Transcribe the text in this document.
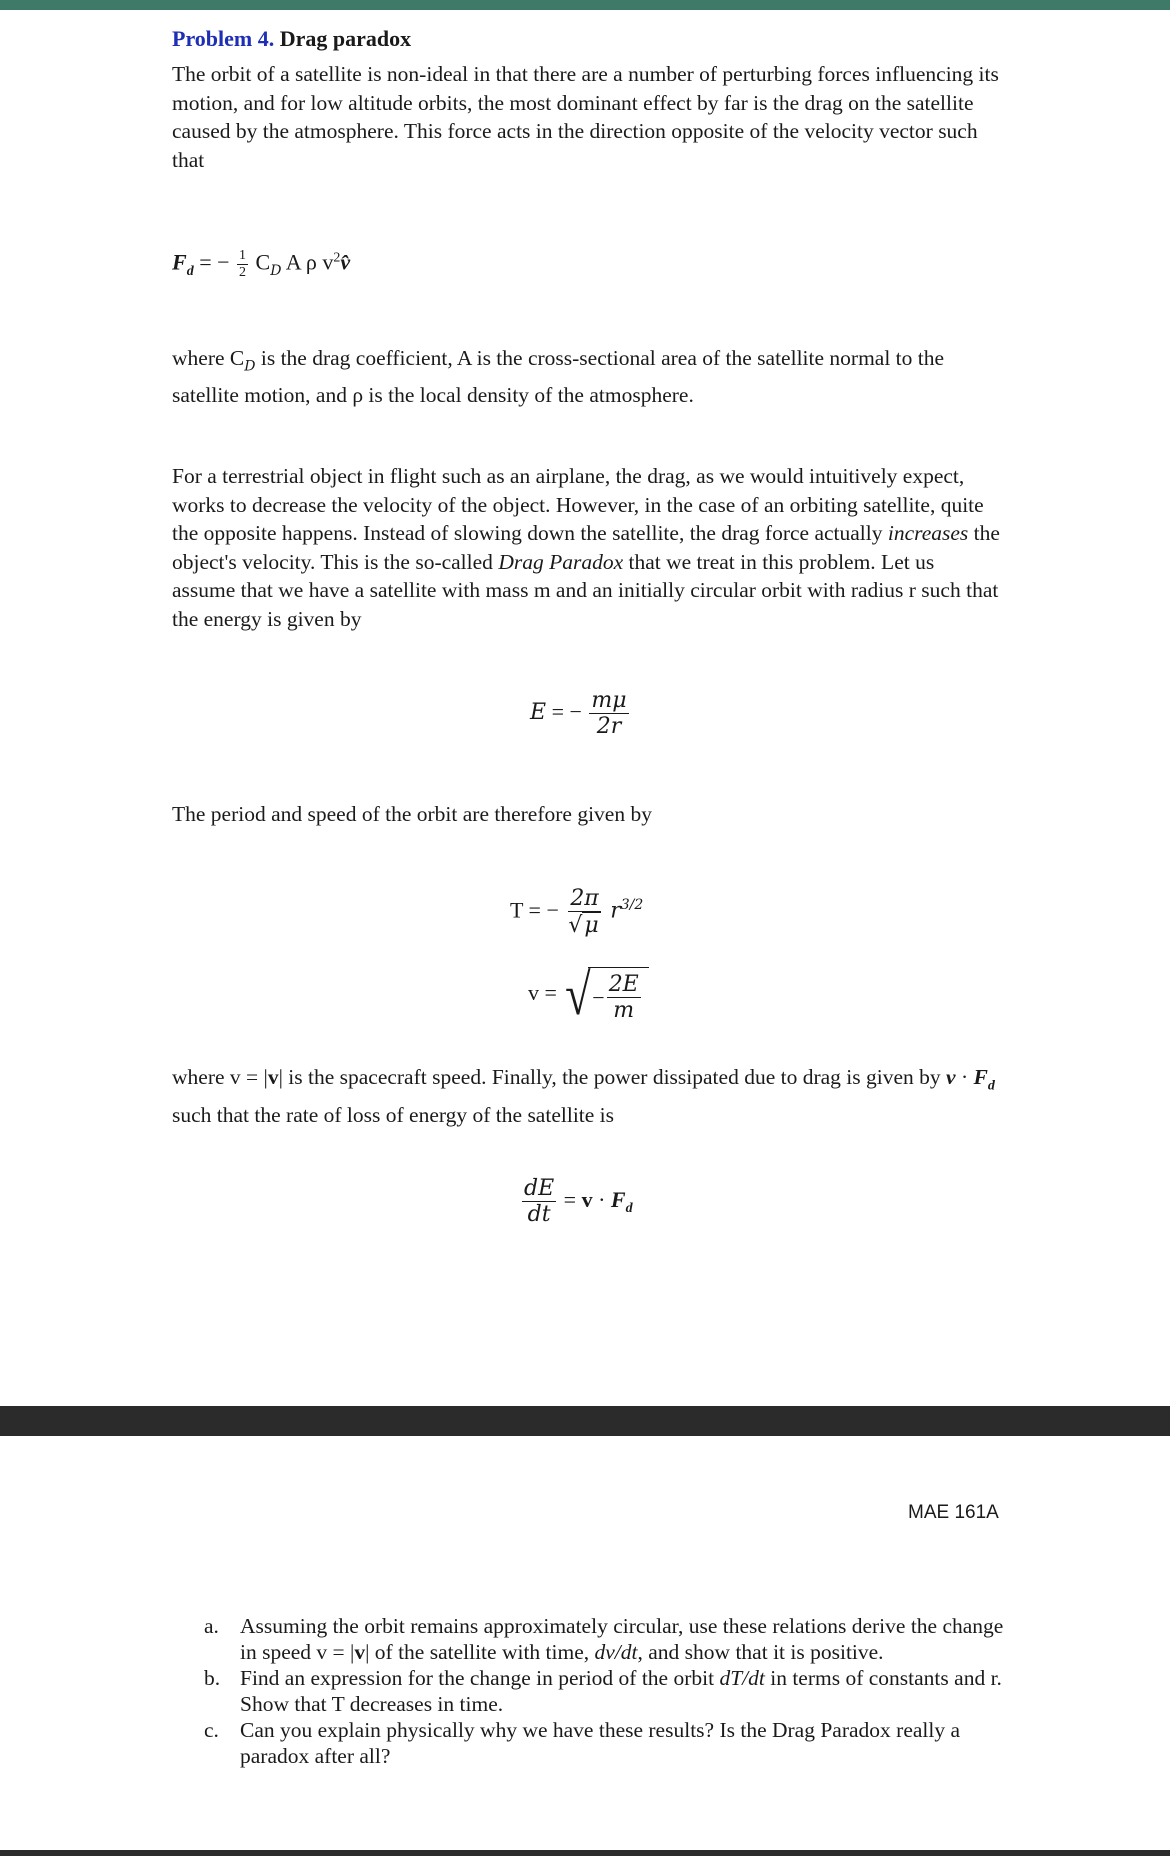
Problem 4. Drag paradox
The orbit of a satellite is non-ideal in that there are a number of perturbing forces influencing its motion, and for low altitude orbits, the most dominant effect by far is the drag on the satellite caused by the atmosphere. This force acts in the direction opposite of the velocity vector such that
$F_d$ = − $\frac{1}{2} C_D$ A ρ $v^2v̂$
where $C_D$ is the drag coefficient, A is the cross-sectional area of the satellite normal to the satellite motion, and ρ is the local density of the atmosphere.
For a terrestrial object in flight such as an airplane, the drag, as we would intuitively expect, works to decrease the velocity of the object. However, in the case of an orbiting satellite, quite the opposite happens. Instead of slowing down the satellite, the drag force actually increases the object's velocity. This is the so-called Drag Paradox that we treat in this problem. Let us assume that we have a satellite with mass m and an initially circular orbit with radius r such that the energy is given by
E = − $\frac{m\mu}{2r}$
The period and speed of the orbit are therefore given by
T = − $\frac{2\pi}{√\mu} r^{3/2}$
v = √ − $\frac{2E}{m}$
where v = |v| is the spacecraft speed. Finally, the power dissipated due to drag is given by $v \cdot F_d$ such that the rate of loss of energy of the satellite is
$\frac{dE}{dt} = v \cdot F_d$
MAE 161A
a. Assuming the orbit remains approximately circular, use these relations derive the change in speed v = |v| of the satellite with time, dv/dt, and show that it is positive.
b. Find an expression for the change in period of the orbit dT/dt in terms of constants and r. Show that T decreases in time.
c. Can you explain physically why we have these results? Is the Drag Paradox really a paradox after all?
